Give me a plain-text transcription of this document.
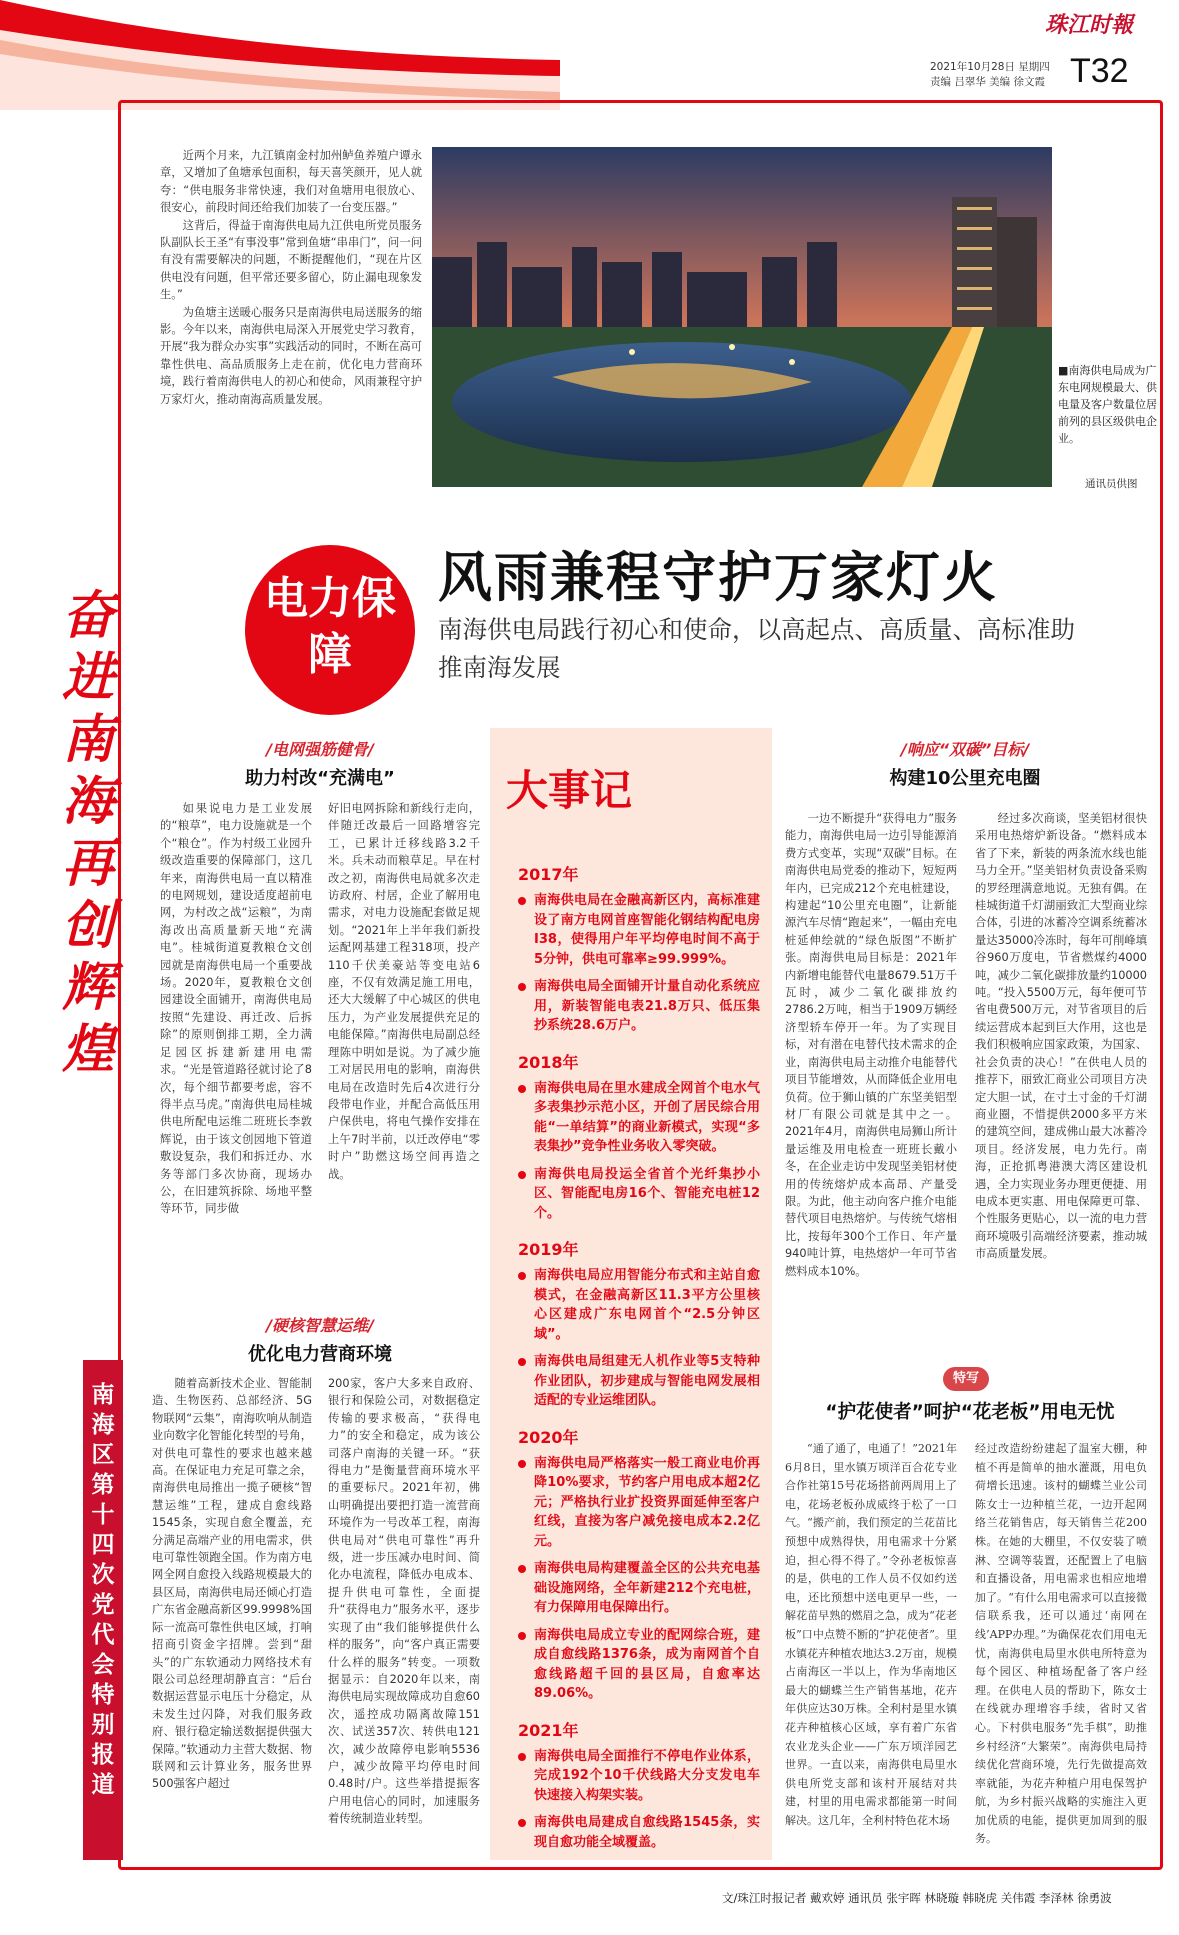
珠江时報
2021年10月28日 星期四
责编 吕翠华 美编 徐文霞 T32
奋进南海 再创辉煌
南海区第十四次党代会特别报道

近两个月来，九江镇南金村加州鲈鱼养殖户谭永章，又增加了鱼塘承包面积，每天喜笑颜开，见人就夸：“供电服务非常快速，我们对鱼塘用电很放心、很安心，前段时间还给我们加装了一台变压器。”

这背后，得益于南海供电局九江供电所党员服务队副队长王圣“有事没事”常到鱼塘“串串门”，问一问有没有需要解决的问题，不断提醒他们，“现在片区供电没有问题，但平常还要多留心，防止漏电现象发生。”

为鱼塘主送暖心服务只是南海供电局送服务的缩影。今年以来，南海供电局深入开展党史学习教育，开展“我为群众办实事”实践活动的同时，不断在高可靠性供电、高品质服务上走在前，优化电力营商环境，践行着南海供电人的初心和使命，风雨兼程守护万家灯火，推动南海高质量发展。

■南海供电局成为广东电网规模最大、供电量及客户数量位居前列的县区级供电企业。
通讯员供图
电力保障
风雨兼程守护万家灯火
南海供电局践行初心和使命，以高起点、高质量、高标准助推南海发展
/电网强筋健骨/
助力村改“充满电”

如果说电力是工业发展的“粮草”，电力设施就是一个个“粮仓”。作为村级工业园升级改造重要的保障部门，这几年来，南海供电局一直以精准的电网规划，建设适度超前电网，为村改之战“运粮”，为南海改出高质量新天地“充满电”。桂城街道夏教粮仓文创园就是南海供电局一个重要战场。2020年，夏教粮仓文创园建设全面铺开，南海供电局按照“先建设、再迁改、后拆除”的原则倒排工期，全力满足园区拆建新建用电需求。“光是管道路径就讨论了8次，每个细节都要考虑，容不得半点马虎。”南海供电局桂城供电所配电运维二班班长李敦辉说，由于该文创园地下管道敷设复杂，我们和拆迁办、水务等部门多次协商，现场办公，在旧建筑拆除、场地平整等环节，同步做

好旧电网拆除和新线行走向，伴随迁改最后一回路增容完工，已累计迁移线路3.2千米。兵未动而粮草足。早在村改之初，南海供电局就多次走访政府、村居，企业了解用电需求，对电力设施配套做足规划。“2021年上半年我们新投运配网基建工程318项，投产110千伏美豪站等变电站6座，不仅有效满足施工用电，还大大缓解了中心城区的供电压力，为产业发展提供充足的电能保障。”南海供电局副总经理陈中明如是说。为了减少施工对居民用电的影响，南海供电局在改造时先后4次进行分段带电作业，并配合高低压用户保供电，将电气操作安排在上午7时半前，以迁改停电“零时户”助燃这场空间再造之战。

/硬核智慧运维/
优化电力营商环境

随着高新技术企业、智能制造、生物医药、总部经济、5G物联网“云集”，南海吹响从制造业向数字化智能化转型的号角，对供电可靠性的要求也越来越高。在保证电力充足可靠之余，南海供电局推出一揽子硬核“智慧运维”工程，建成自愈线路1545条，实现自愈全覆盖，充分满足高端产业的用电需求，供电可靠性领跑全国。作为南方电网全网自愈投入线路规模最大的县区局，南海供电局还倾心打造广东省金融高新区99.9998%国际一流高可靠性供电区域，打响招商引资金字招牌。尝到“甜头”的广东软通动力网络技术有限公司总经理胡静直言：“后台数据运营显示电压十分稳定，从未发生过闪降，对我们服务政府、银行稳定输送数据提供强大保障。”软通动力主营大数据、物联网和云计算业务，服务世界500强客户超过

200家，客户大多来自政府、银行和保险公司，对数据稳定传输的要求极高，“获得电力”的安全和稳定，成为该公司落户南海的关键一环。“获得电力”是衡量营商环境水平的重要标尺。2021年初，佛山明确提出要把打造一流营商环境作为一号改革工程，南海供电局对“供电可靠性”再升级，进一步压减办电时间、简化办电流程，降低办电成本、提升供电可靠性，全面提升“获得电力”服务水平，逐步实现了由“我们能够提供什么样的服务”，向“客户真正需要什么样的服务”转变。一项数据显示：自2020年以来，南海供电局实现故障成功自愈60次，遥控成功隔离故障151次、试送357次、转供电121次，减少故障停电影响5536户，减少故障平均停电时间0.48时/户。这些举措提振客户用电信心的同时，加速服务着传统制造业转型。

大事记
2017年
南海供电局在金融高新区内，高标准建设了南方电网首座智能化钢结构配电房I38，使得用户年平均停电时间不高于5分钟，供电可靠率≥99.999%。
南海供电局全面铺开计量自动化系统应用，新装智能电表21.8万只、低压集抄系统28.6万户。
2018年
南海供电局在里水建成全网首个电水气多表集抄示范小区，开创了居民综合用能“一单结算”的商业新模式，实现“多表集抄”竞争性业务收入零突破。
南海供电局投运全省首个光纤集抄小区、智能配电房16个、智能充电桩12个。
2019年
南海供电局应用智能分布式和主站自愈模式，在金融高新区11.3平方公里核心区建成广东电网首个“2.5分钟区域”。
南海供电局组建无人机作业等5支特种作业团队，初步建成与智能电网发展相适配的专业运维团队。
2020年
南海供电局严格落实一般工商业电价再降10%要求，节约客户用电成本超2亿元；严格执行业扩投资界面延伸至客户红线，直接为客户减免接电成本2.2亿元。
南海供电局构建覆盖全区的公共充电基础设施网络，全年新建212个充电桩，有力保障用电保障出行。
南海供电局成立专业的配网综合班，建成自愈线路1376条，成为南网首个自愈线路超千回的县区局，自愈率达89.06%。
2021年
南海供电局全面推行不停电作业体系，完成192个10千伏线路大分支发电车快速接入构架实装。
南海供电局建成自愈线路1545条，实现自愈功能全域覆盖。
/响应“双碳”目标/
构建10公里充电圈

一边不断提升“获得电力”服务能力，南海供电局一边引导能源消费方式变革，实现“双碳”目标。在南海供电局党委的推动下，短短两年内，已完成212个充电桩建设，构建起“10公里充电圈”，让新能源汽车尽情“跑起来”，一幅由充电桩延伸绘就的“绿色版图”不断扩张。南海供电局目标是：2021年内新增电能替代电量8679.51万千瓦时，减少二氧化碳排放约2786.2万吨，相当于1909万辆经济型轿车停开一年。为了实现目标，对有潜在电替代技术需求的企业，南海供电局主动推介电能替代项目节能增效，从而降低企业用电负荷。位于狮山镇的广东坚美铝型材厂有限公司就是其中之一。2021年4月，南海供电局狮山所计量运维及用电检查一班班长戴小冬，在企业走访中发现坚美铝材使用的传统熔炉成本高昂、产量受限。为此，他主动向客户推介电能替代项目电热熔炉。与传统气熔相比，按每年300个工作日、年产量940吨计算，电热熔炉一年可节省燃料成本10%。

经过多次商谈，坚美铝材很快采用电热熔炉新设备。“燃料成本省了下来，新装的两条流水线也能马力全开。”坚美铝材负责设备采购的罗经理满意地说。无独有偶。在桂城街道千灯湖丽致汇大型商业综合体，引进的冰蓄冷空调系统蓄冰量达35000冷冻时，每年可削峰填谷960万度电，节省燃煤约4000吨，减少二氧化碳排放量约10000吨。“投入5500万元，每年便可节省电费500万元，对节省项目的后续运营成本起到巨大作用，这也是我们积极响应国家政策，为国家、社会负责的决心！”在供电人员的推荐下，丽致汇商业公司项目方决定大胆一试，在寸土寸金的千灯湖商业圈，不惜提供2000多平方米的建筑空间，建成佛山最大冰蓄冷项目。经济发展，电力先行。南海，正抢抓粤港澳大湾区建设机遇，全力实现业务办理更便捷、用电成本更实惠、用电保障更可靠、个性服务更贴心，以一流的电力营商环境吸引高端经济要素，推动城市高质量发展。

特写
“护花使者”呵护“花老板”用电无忧

“通了通了，电通了！”2021年6月8日，里水镇万顷洋百合花专业合作社第15号花场搭前两周用上了电，花场老板孙成威终于松了一口气。“搬产前，我们预定的兰花苗比预想中成熟得快，用电需求十分紧迫，担心得不得了。”令孙老板惊喜的是，供电的工作人员不仅如约送电，还比预想中送电更早一些，一解花苗早熟的燃眉之急，成为“花老板”口中点赞不断的“护花使者”。里水镇花卉种植农地达3.2万亩，规模占南海区一半以上，作为华南地区最大的蝴蝶兰生产销售基地，花卉年供应达30万株。全利村是里水镇花卉种植核心区域，享有着广东省农业龙头企业——广东万顷洋园艺世界。一直以来，南海供电局里水供电所党支部和该村开展结对共建，村里的用电需求都能第一时间解决。这几年，全利村特色花木场

经过改造纷纷建起了温室大棚，种植不再是简单的抽水灌溉，用电负荷增长迅速。该村的蝴蝶兰业公司陈女士一边种植兰花，一边开起网络兰花销售店，每天销售兰花200株。在她的大棚里，不仅安装了喷淋、空调等装置，还配置上了电脑和直播设备，用电需求也相应地增加了。“有什么用电需求可以直接微信联系我，还可以通过‘南网在线’APP办理。”为确保花农们用电无忧，南海供电局里水供电所特意为每个园区、种植场配备了客户经理。在供电人员的帮助下，陈女士在线就办理增容手续，省时又省心。下村供电服务“先手棋”，助推乡村经济“大繁荣”。南海供电局持续优化营商环境，先行先做提高效率就能，为花卉种植户用电保驾护航，为乡村振兴战略的实施注入更加优质的电能，提供更加周到的服务。

文/珠江时报记者 戴欢婷 通讯员 张宇晖 林晓璇 韩晓虎 关伟霞 李泽林 徐勇波
